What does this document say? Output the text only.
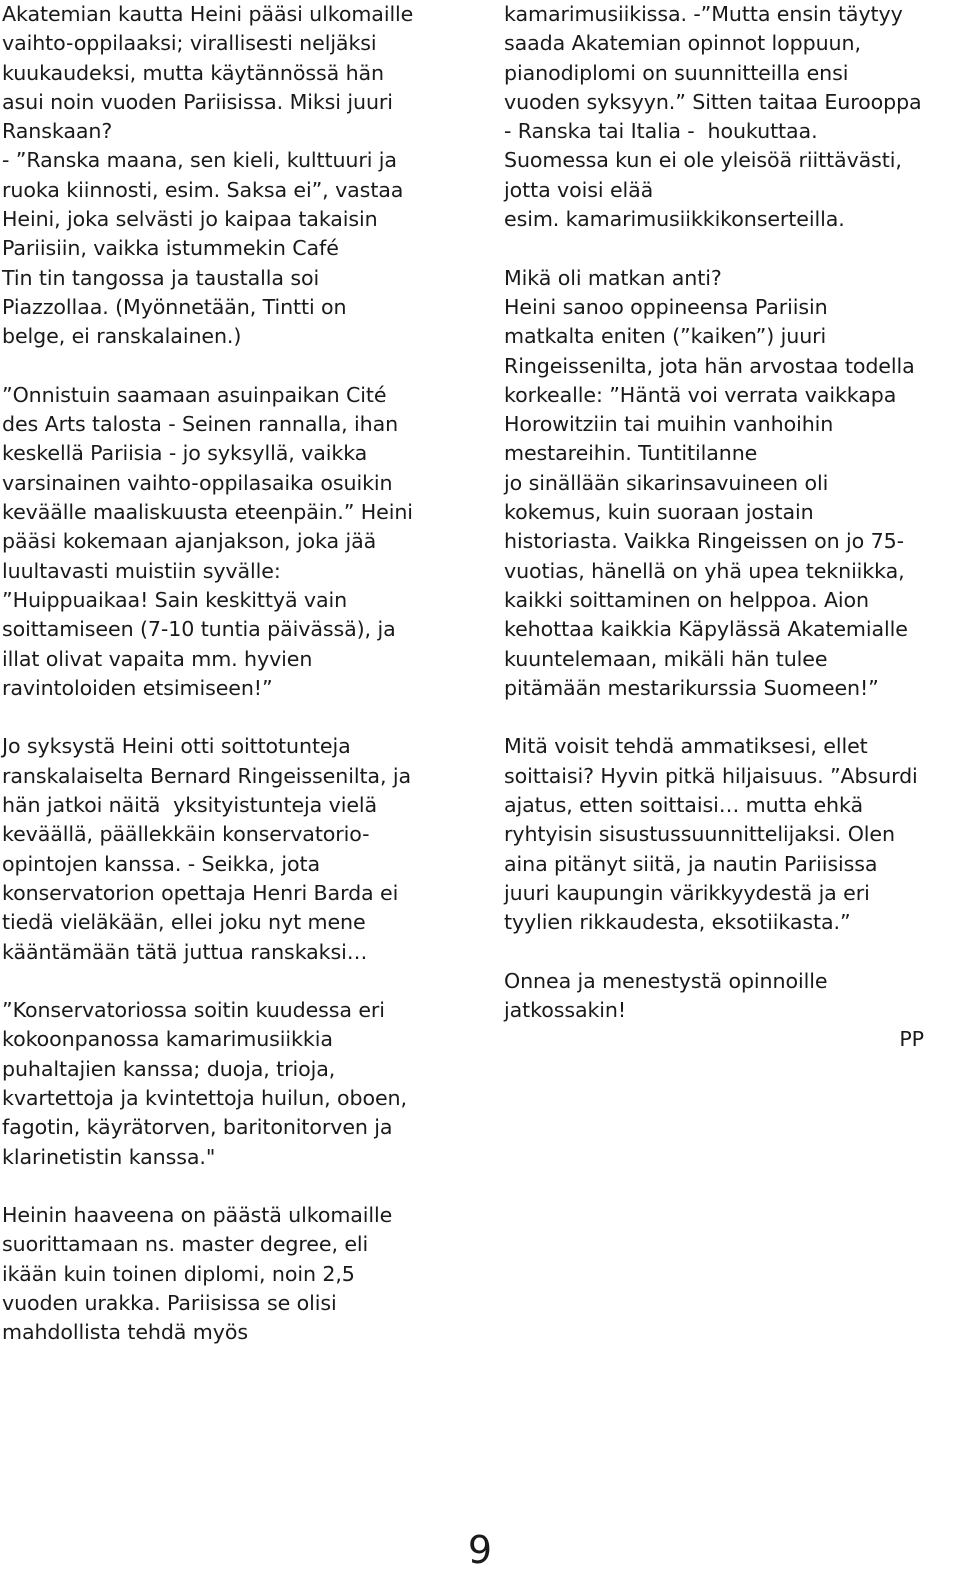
Akatemian kautta Heini pääsi ulkomaille
vaihto-oppilaaksi; virallisesti neljäksi
kuukaudeksi, mutta käytännössä hän
asui noin vuoden Pariisissa. Miksi juuri
Ranskaan?
- ”Ranska maana, sen kieli, kulttuuri ja
ruoka kiinnosti, esim. Saksa ei”, vastaa
Heini, joka selvästi jo kaipaa takaisin
Pariisiin, vaikka istummekin Café
Tin tin tangossa ja taustalla soi
Piazzollaa. (Myönnetään, Tintti on
belge, ei ranskalainen.)
”Onnistuin saamaan asuinpaikan Cité
des Arts talosta - Seinen rannalla, ihan
keskellä Pariisia - jo syksyllä, vaikka
varsinainen vaihto-oppilasaika osuikin
keväälle maaliskuusta eteenpäin.” Heini
pääsi kokemaan ajanjakson, joka jää
luultavasti muistiin syvälle:
”Huippuaikaa! Sain keskittyä vain
soittamiseen (7-10 tuntia päivässä), ja
illat olivat vapaita mm. hyvien
ravintoloiden etsimiseen!”
Jo syksystä Heini otti soittotunteja
ranskalaiselta Bernard Ringeissenilta, ja
hän jatkoi näitä  yksityistunteja vielä
keväällä, päällekkäin konservatorio-
opintojen kanssa. - Seikka, jota
konservatorion opettaja Henri Barda ei
tiedä vieläkään, ellei joku nyt mene
kääntämään tätä juttua ranskaksi…
”Konservatoriossa soitin kuudessa eri
kokoonpanossa kamarimusiikkia
puhaltajien kanssa; duoja, trioja,
kvartettoja ja kvintettoja huilun, oboen,
fagotin, käyrätorven, baritonitorven ja
klarinetistin kanssa."
Heinin haaveena on päästä ulkomaille
suorittamaan ns. master degree, eli
ikään kuin toinen diplomi, noin 2,5
vuoden urakka. Pariisissa se olisi
mahdollista tehdä myös
kamarimusiikissa. -”Mutta ensin täytyy
saada Akatemian opinnot loppuun,
pianodiplomi on suunnitteilla ensi
vuoden syksyyn.” Sitten taitaa Eurooppa
- Ranska tai Italia -  houkuttaa.
Suomessa kun ei ole yleisöä riittävästi,
jotta voisi elää
esim. kamarimusiikkikonserteilla.
Mikä oli matkan anti?
Heini sanoo oppineensa Pariisin
matkalta eniten (”kaiken”) juuri
Ringeissenilta, jota hän arvostaa todella
korkealle: ”Häntä voi verrata vaikkapa
Horowitziin tai muihin vanhoihin
mestareihin. Tuntitilanne
jo sinällään sikarinsavuineen oli
kokemus, kuin suoraan jostain
historiasta. Vaikka Ringeissen on jo 75-
vuotias, hänellä on yhä upea tekniikka,
kaikki soittaminen on helppoa. Aion
kehottaa kaikkia Käpylässä Akatemialle
kuuntelemaan, mikäli hän tulee
pitämään mestarikurssia Suomeen!”
Mitä voisit tehdä ammatiksesi, ellet
soittaisi? Hyvin pitkä hiljaisuus. ”Absurdi
ajatus, etten soittaisi… mutta ehkä
ryhtyisin sisustussuunnittelijaksi. Olen
aina pitänyt siitä, ja nautin Pariisissa
juuri kaupungin värikkyydestä ja eri
tyylien rikkaudesta, eksotiikasta.”
Onnea ja menestystä opinnoille
jatkossakin!
PP
9
